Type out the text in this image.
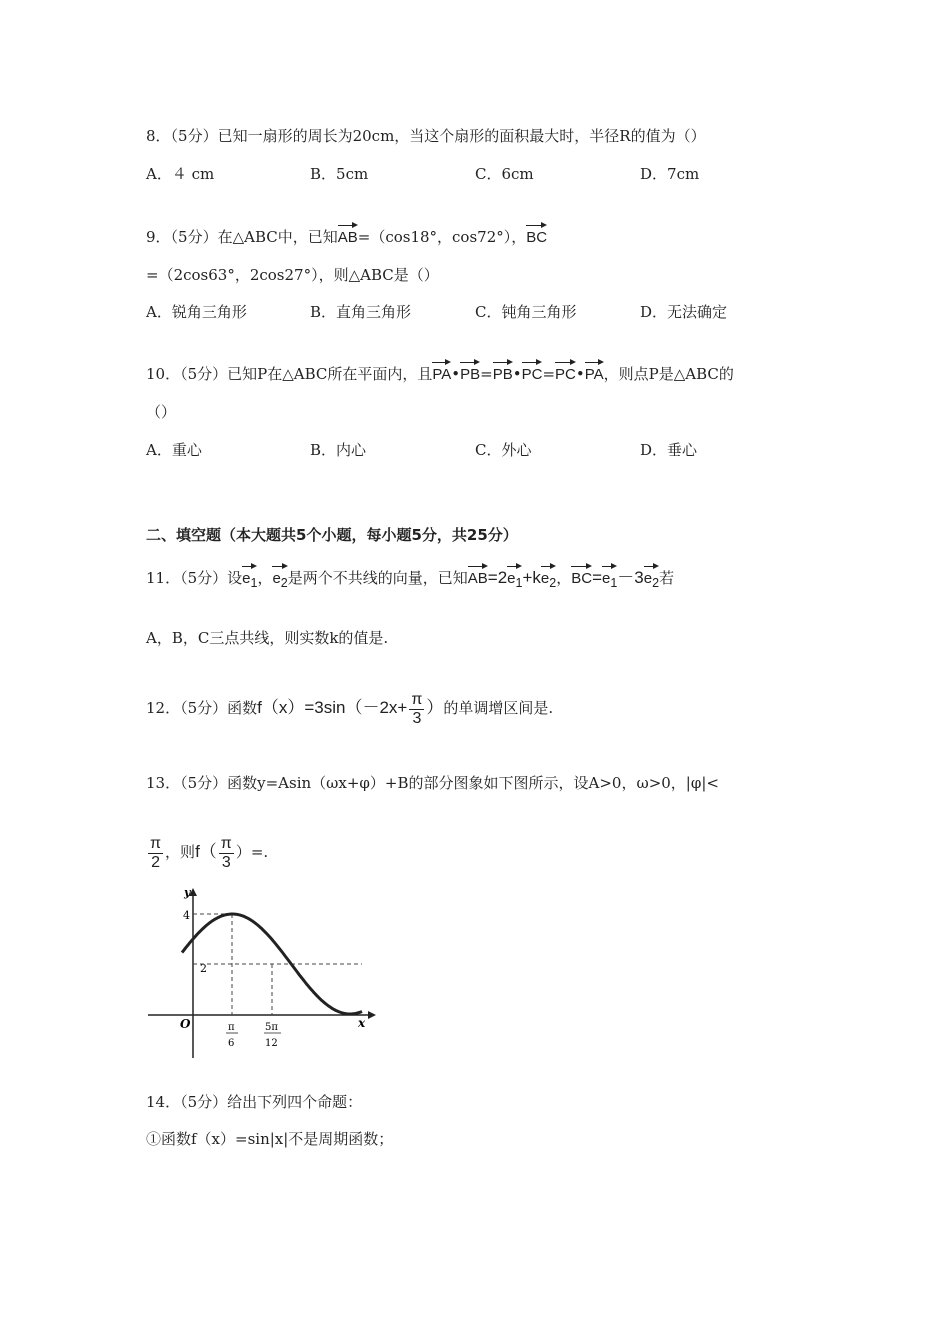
8．（5分）已知一扇形的周长为20cm，当这个扇形的面积最大时，半径R的值为（）
A．４ cm	B．5cm	C．6cm	D．7cm
9．（5分）在△ABC中，已知AB=（cos18°，cos72°），BC
=（2cos63°，2cos27°），则△ABC是（）
A．锐角三角形	B．直角三角形	C．钝角三角形	D．无法确定
10．（5分）已知P在△ABC所在平面内，且PA•PB=PB•PC=PC•PA，则点P是△ABC的
（）
A．重心	B．内心	C．外心	D．垂心
二、填空题（本大题共5个小题，每小题5分，共25分）
11．（5分）设$e_1$，$e_2$是两个不共线的向量，已知$AB=2e_1+ke_2$，$BC=e_1-3e_2$若
A，B，C三点共线，则实数k的值是.
12．（5分）函数$f(x)=3\sin(-2x+ \frac{\pi}{3}$ ）的单调增区间是.
13．（5分）函数y=Asin（ωx+φ）+B的部分图象如下图所示，设A>0，ω>0，|φ|<
$\frac{\pi}{2}$ ，则$f( \frac{\pi}{3}$ ）=.
y
x
O
4
2
π
6
5π
12
14．（5分）给出下列四个命题：
①函数f（x）=sin|x|不是周期函数；
